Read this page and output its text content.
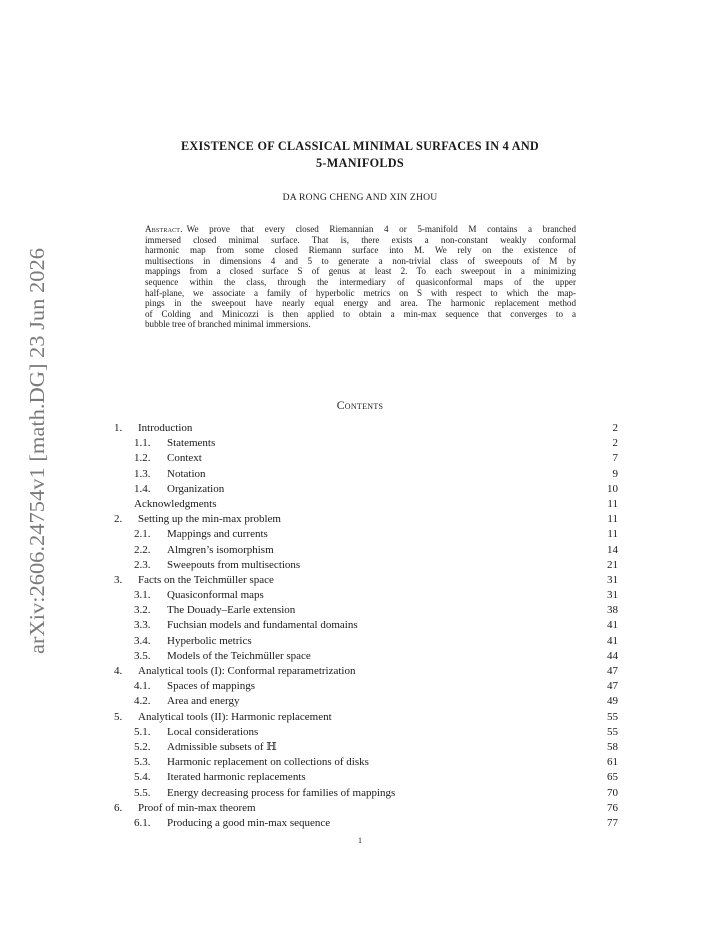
arXiv:2606.24754v1 [math.DG] 23 Jun 2026
EXISTENCE OF CLASSICAL MINIMAL SURFACES IN 4 AND
5-MANIFOLDS
DA RONG CHENG AND XIN ZHOU
Abstract. We prove that every closed Riemannian 4 or 5-manifold M contains a branched
immersed closed minimal surface. That is, there exists a non-constant weakly conformal
harmonic map from some closed Riemann surface into M. We rely on the existence of
multisections in dimensions 4 and 5 to generate a non-trivial class of sweepouts of M by
mappings from a closed surface S of genus at least 2. To each sweepout in a minimizing
sequence within the class, through the intermediary of quasiconformal maps of the upper
half-plane, we associate a family of hyperbolic metrics on S with respect to which the map-
pings in the sweepout have nearly equal energy and area. The harmonic replacement method
of Colding and Minicozzi is then applied to obtain a min-max sequence that converges to a
bubble tree of branched minimal immersions.
Contents
1.	Introduction	2
1.1.	Statements	2
1.2.	Context	7
1.3.	Notation	9
1.4.	Organization	10
Acknowledgments	11
2.	Setting up the min-max problem	11
2.1.	Mappings and currents	11
2.2.	Almgren’s isomorphism	14
2.3.	Sweepouts from multisections	21
3.	Facts on the Teichmüller space	31
3.1.	Quasiconformal maps	31
3.2.	The Douady–Earle extension	38
3.3.	Fuchsian models and fundamental domains	41
3.4.	Hyperbolic metrics	41
3.5.	Models of the Teichmüller space	44
4.	Analytical tools (I): Conformal reparametrization	47
4.1.	Spaces of mappings	47
4.2.	Area and energy	49
5.	Analytical tools (II): Harmonic replacement	55
5.1.	Local considerations	55
5.2.	Admissible subsets of ℍ	58
5.3.	Harmonic replacement on collections of disks	61
5.4.	Iterated harmonic replacements	65
5.5.	Energy decreasing process for families of mappings	70
6.	Proof of min-max theorem	76
6.1.	Producing a good min-max sequence	77
1
